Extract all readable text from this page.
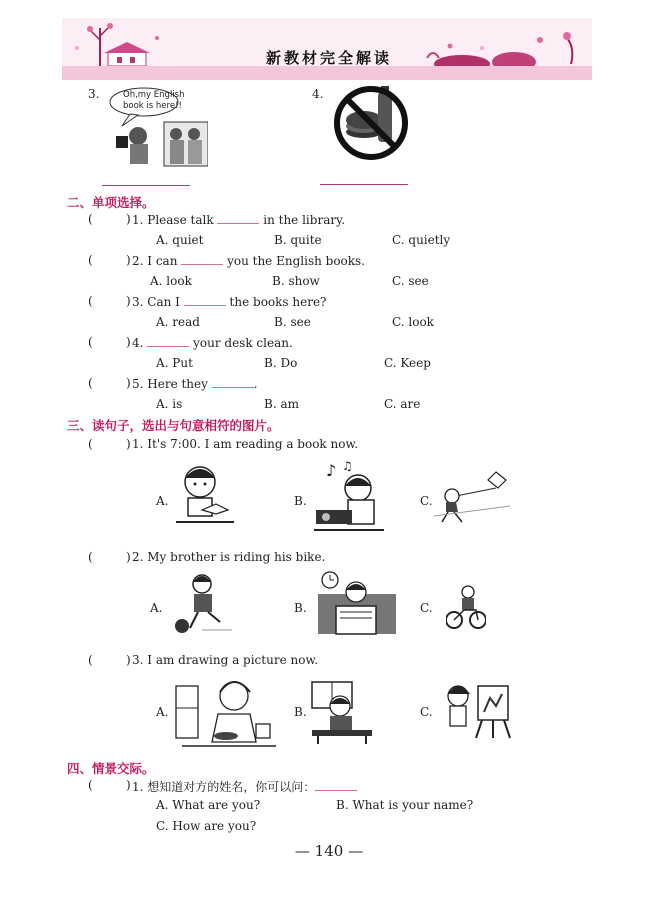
新教材完全解读
3.	Oh,my English book is here!!
4.
二、单项选择。
(	) 1. Please talk	in the library.
A. quiet	B. quite	C. quietly
(	) 2. I can	you the English books.
A. look	B. show	C. see
(	) 3. Can I	the books here?
A. read	B. see	C. look
(	) 4.	your desk clean.
A. Put	B. Do	C. Keep
(	) 5. Here they	.
A. is	B. am	C. are
三、读句子，选出与句意相符的图片。
(	) 1. It's 7:00. I am reading a book now.
A.	B.
♪ ♫
C.
(	) 2. My brother is riding his bike.
A.	B.	C.
(	) 3. I am drawing a picture now.
A.	B.	C.
四、情景交际。
(	) 1. 想知道对方的姓名，你可以问：
A. What are you?	B. What is your name?
C. How are you?
— 140 —
